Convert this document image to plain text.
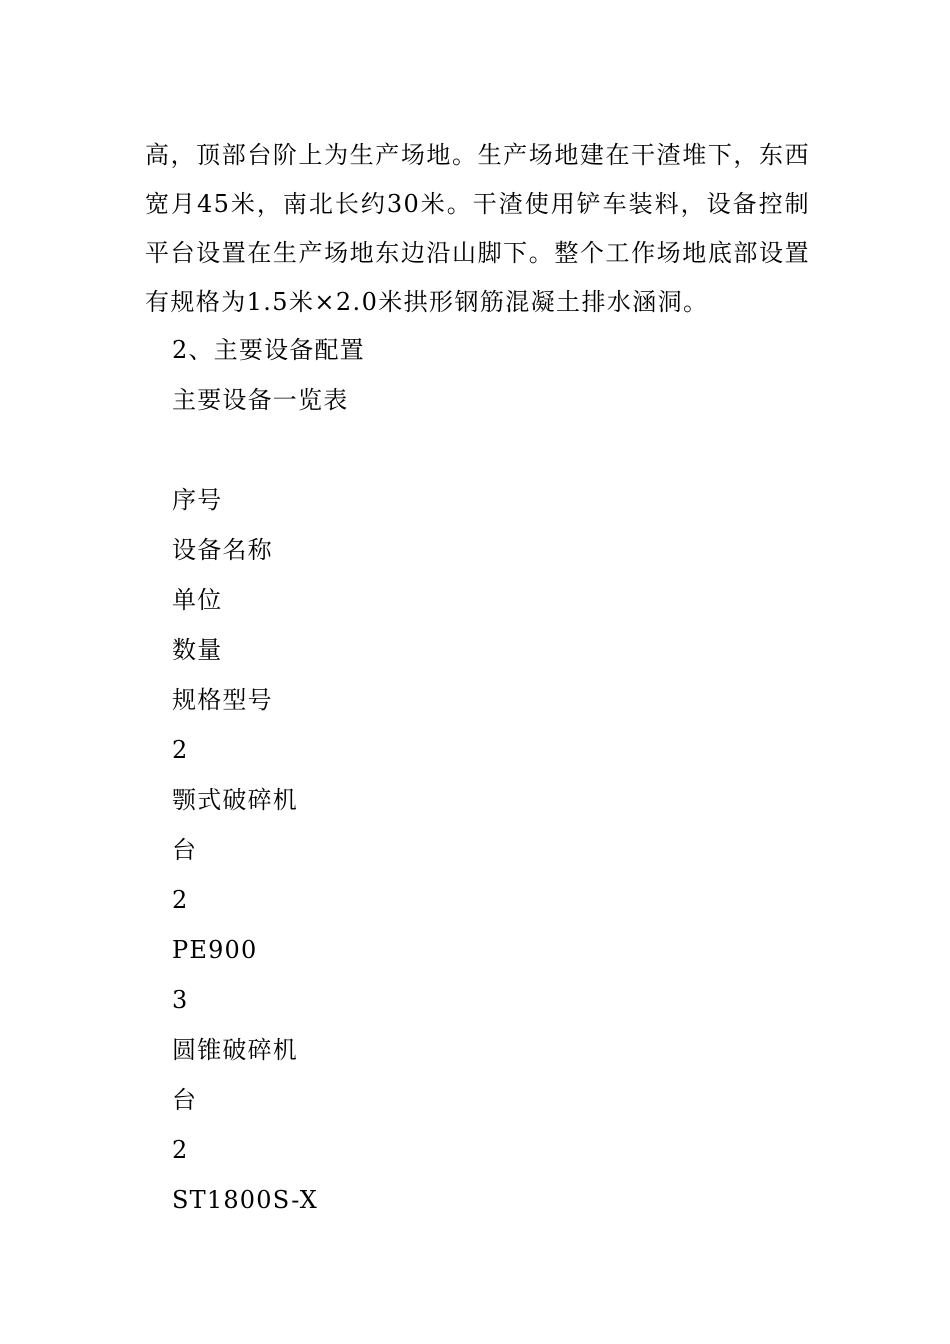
高，顶部台阶上为生产场地。生产场地建在干渣堆下，东西宽月45米，南北长约30米。干渣使用铲车装料，设备控制平台设置在生产场地东边沿山脚下。整个工作场地底部设置有规格为1.5米×2.0米拱形钢筋混凝土排水涵洞。

2、主要设备配置
主要设备一览表
序号
设备名称
单位
数量
规格型号
2
颚式破碎机
台
2
PE900
3
圆锥破碎机
台
2
ST1800S-X
